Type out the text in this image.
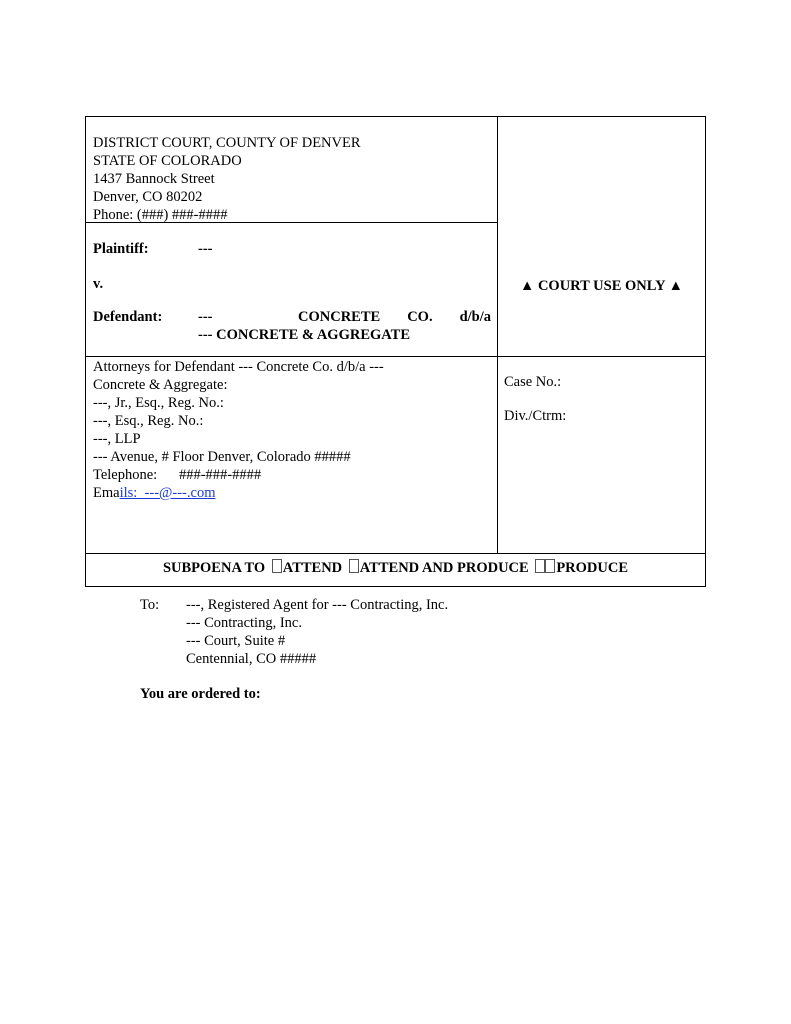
DISTRICT COURT, COUNTY OF DENVER
STATE OF COLORADO
1437 Bannock Street
Denver, CO 80202
Phone: (###) ###-####
Plaintiff:	---
v.
Defendant: ---	CONCRETE CO. d/b/a
--- CONCRETE & AGGREGATE
▲ COURT USE ONLY ▲
Attorneys for Defendant --- Concrete Co. d/b/a ---
Concrete & Aggregate:
---, Jr., Esq., Reg. No.:
---, Esq., Reg. No.:
---, LLP
--- Avenue, # Floor Denver, Colorado #####
Telephone:      ###-###-####
Emails:  ---@---.com
Case No.:
Div./Ctrm:
SUBPOENA TO ATTEND ATTEND AND PRODUCE PRODUCE
To: ---, Registered Agent for --- Contracting, Inc.
--- Contracting, Inc.
--- Court, Suite #
Centennial, CO #####
You are ordered to:
